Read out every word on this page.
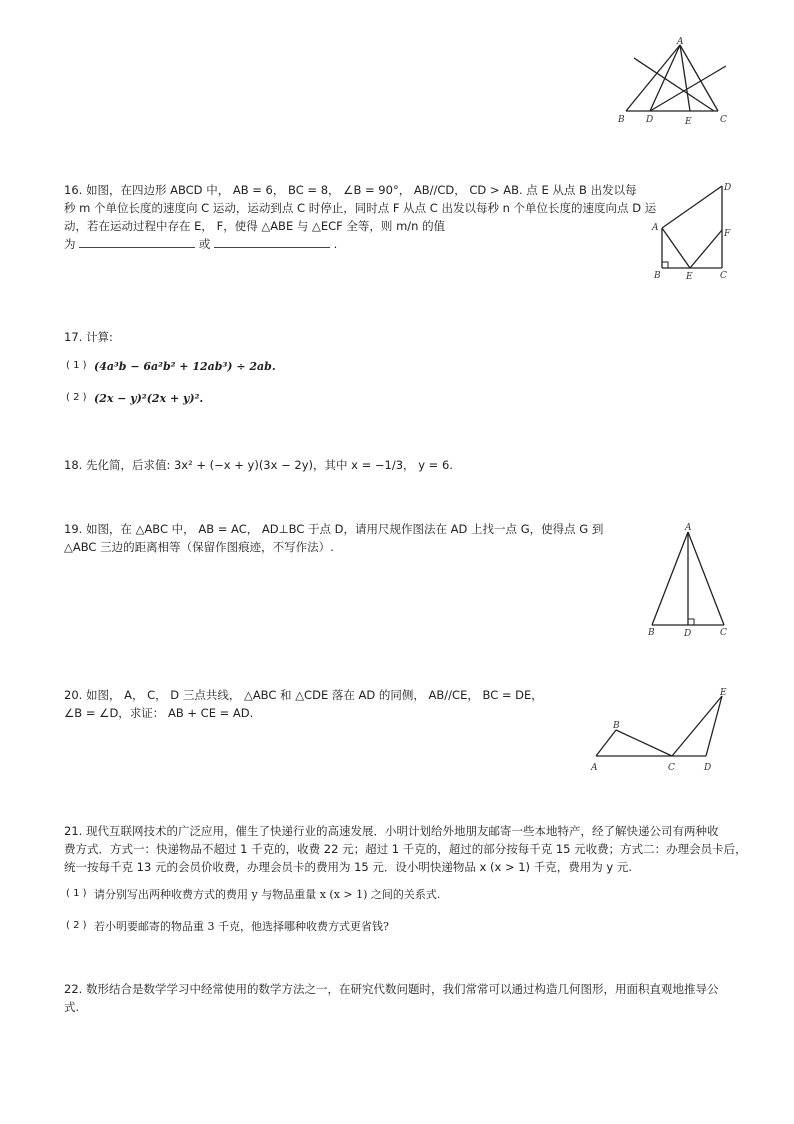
A
B D	E	C
16. 如图，在四边形 ABCD 中， AB = 6， BC = 8， ∠B = 90°， AB//CD， CD > AB. 点 E 从点 B 出发以每
秒 m 个单位长度的速度向 C 运动，运动到点 C 时停止，同时点 F 从点 C 出发以每秒 n 个单位长度的速度向点 D 运
动，若在运动过程中存在 E， F，使得 △ABE 与 △ECF 全等，则 m/n 的值
为	或	.
A
B	E	C
F
D
17. 计算:
( 1 ) (4a³b − 6a²b² + 12ab³) ÷ 2ab.
( 2 ) (2x − y)²(2x + y)².
18. 先化简，后求值: 3x² + (−x + y)(3x − 2y)，其中 x = −1/3， y = 6.
19. 如图，在 △ABC 中， AB = AC， AD⊥BC 于点 D，请用尺规作图法在 AD 上找一点 G，使得点 G 到
△ABC 三边的距离相等（保留作图痕迹，不写作法）.
A
B	D	C
20. 如图， A， C， D 三点共线， △ABC 和 △CDE 落在 AD 的同侧， AB//CE， BC = DE，
∠B = ∠D，求证： AB + CE = AD.
A
B
C	D
E
21. 现代互联网技术的广泛应用，催生了快递行业的高速发展．小明计划给外地朋友邮寄一些本地特产，经了解快递公司有两种收
费方式．方式一：快递物品不超过 1 千克的，收费 22 元；超过 1 千克的，超过的部分按每千克 15 元收费；方式二：办理会员卡后，
统一按每千克 13 元的会员价收费，办理会员卡的费用为 15 元．设小明快递物品 x (x > 1) 千克，费用为 y 元.
( 1 ) 请分别写出两种收费方式的费用 y 与物品重量 x (x > 1) 之间的关系式.
( 2 ) 若小明要邮寄的物品重 3 千克，他选择哪种收费方式更省钱?
22. 数形结合是数学学习中经常使用的数学方法之一，在研究代数问题时，我们常常可以通过构造几何图形，用面积直观地推导公
式.
